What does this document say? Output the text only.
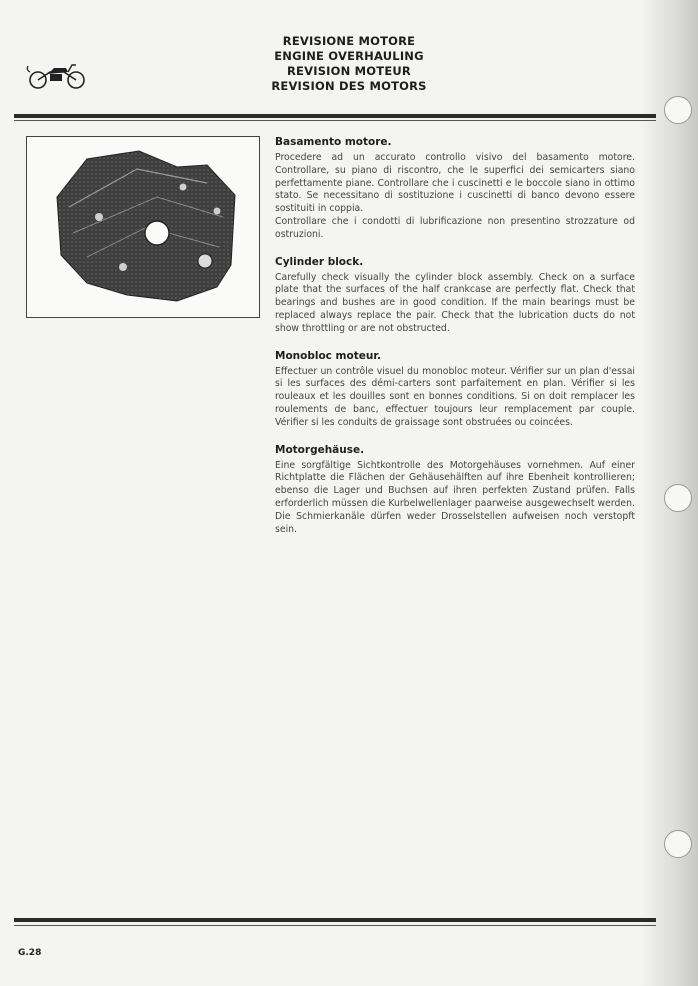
REVISIONE MOTORE
ENGINE OVERHAULING
REVISION MOTEUR
REVISION DES MOTORS
Basamento motore.

Procedere ad un accurato controllo visivo del basamento motore. Controllare, su piano di riscontro, che le superfici dei semicarters siano perfettamente piane. Controllare che i cuscinetti e le boccole siano in ottimo stato. Se necessitano di sostituzione i cuscinetti di banco devono essere sostituiti in coppia.
Controllare che i condotti di lubrificazione non presentino strozzature od ostruzioni.

Cylinder block.

Carefully check visually the cylinder block assembly. Check on a surface plate that the surfaces of the half crankcase are perfectly flat. Check that bearings and bushes are in good condition. If the main bearings must be replaced always replace the pair. Check that the lubrication ducts do not show throttling or are not obstructed.

Monobloc moteur.

Effectuer un contrôle visuel du monobloc moteur. Vérifier sur un plan d'essai si les surfaces des démi-carters sont parfaitement en plan. Vérifier si les rouleaux et les douilles sont en bonnes conditions. Si on doit remplacer les roulements de banc, effectuer toujours leur remplacement par couple. Vérifier si les conduits de graissage sont obstruées ou coincées.

Motorgehäuse.

Eine sorgfältige Sichtkontrolle des Motorgehäuses vornehmen. Auf einer Richtplatte die Flächen der Gehäusehälften auf ihre Ebenheit kontrollieren; ebenso die Lager und Buchsen auf ihren perfekten Zustand prüfen. Falls erforderlich müssen die Kurbelwellenlager paarweise ausgewechselt werden. Die Schmierkanäle dürfen weder Drosselstellen aufweisen noch verstopft sein.

G.28
